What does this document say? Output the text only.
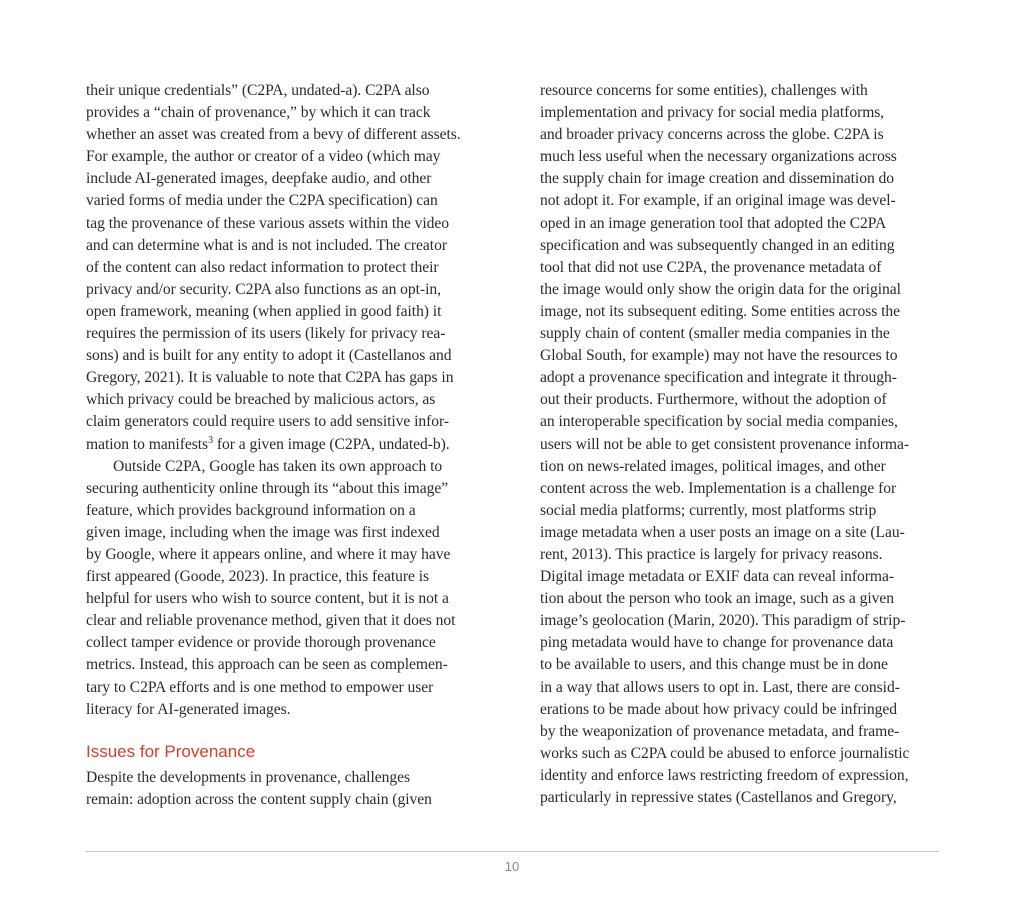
their unique credentials” (C2PA, undated-a). C2PA also
provides a “chain of provenance,” by which it can track
whether an asset was created from a bevy of different assets.
For example, the author or creator of a video (which may
include AI-generated images, deepfake audio, and other
varied forms of media under the C2PA specification) can
tag the provenance of these various assets within the video
and can determine what is and is not included. The creator
of the content can also redact information to protect their
privacy and/or security. C2PA also functions as an opt-in,
open framework, meaning (when applied in good faith) it
requires the permission of its users (likely for privacy rea-
sons) and is built for any entity to adopt it (Castellanos and
Gregory, 2021). It is valuable to note that C2PA has gaps in
which privacy could be breached by malicious actors, as
claim generators could require users to add sensitive infor-
mation to manifests$^3$ for a given image (C2PA, undated-b).
Outside C2PA, Google has taken its own approach to
securing authenticity online through its “about this image”
feature, which provides background information on a
given image, including when the image was first indexed
by Google, where it appears online, and where it may have
first appeared (Goode, 2023). In practice, this feature is
helpful for users who wish to source content, but it is not a
clear and reliable provenance method, given that it does not
collect tamper evidence or provide thorough provenance
metrics. Instead, this approach can be seen as complemen-
tary to C2PA efforts and is one method to empower user
literacy for AI-generated images.
Issues for Provenance
Despite the developments in provenance, challenges
remain: adoption across the content supply chain (given
resource concerns for some entities), challenges with
implementation and privacy for social media platforms,
and broader privacy concerns across the globe. C2PA is
much less useful when the necessary organizations across
the supply chain for image creation and dissemination do
not adopt it. For example, if an original image was devel-
oped in an image generation tool that adopted the C2PA
specification and was subsequently changed in an editing
tool that did not use C2PA, the provenance metadata of
the image would only show the origin data for the original
image, not its subsequent editing. Some entities across the
supply chain of content (smaller media companies in the
Global South, for example) may not have the resources to
adopt a provenance specification and integrate it through-
out their products. Furthermore, without the adoption of
an interoperable specification by social media companies,
users will not be able to get consistent provenance informa-
tion on news-related images, political images, and other
content across the web. Implementation is a challenge for
social media platforms; currently, most platforms strip
image metadata when a user posts an image on a site (Lau-
rent, 2013). This practice is largely for privacy reasons.
Digital image metadata or EXIF data can reveal informa-
tion about the person who took an image, such as a given
image’s geolocation (Marin, 2020). This paradigm of strip-
ping metadata would have to change for provenance data
to be available to users, and this change must be in done
in a way that allows users to opt in. Last, there are consid-
erations to be made about how privacy could be infringed
by the weaponization of provenance metadata, and frame-
works such as C2PA could be abused to enforce journalistic
identity and enforce laws restricting freedom of expression,
particularly in repressive states (Castellanos and Gregory,
10
